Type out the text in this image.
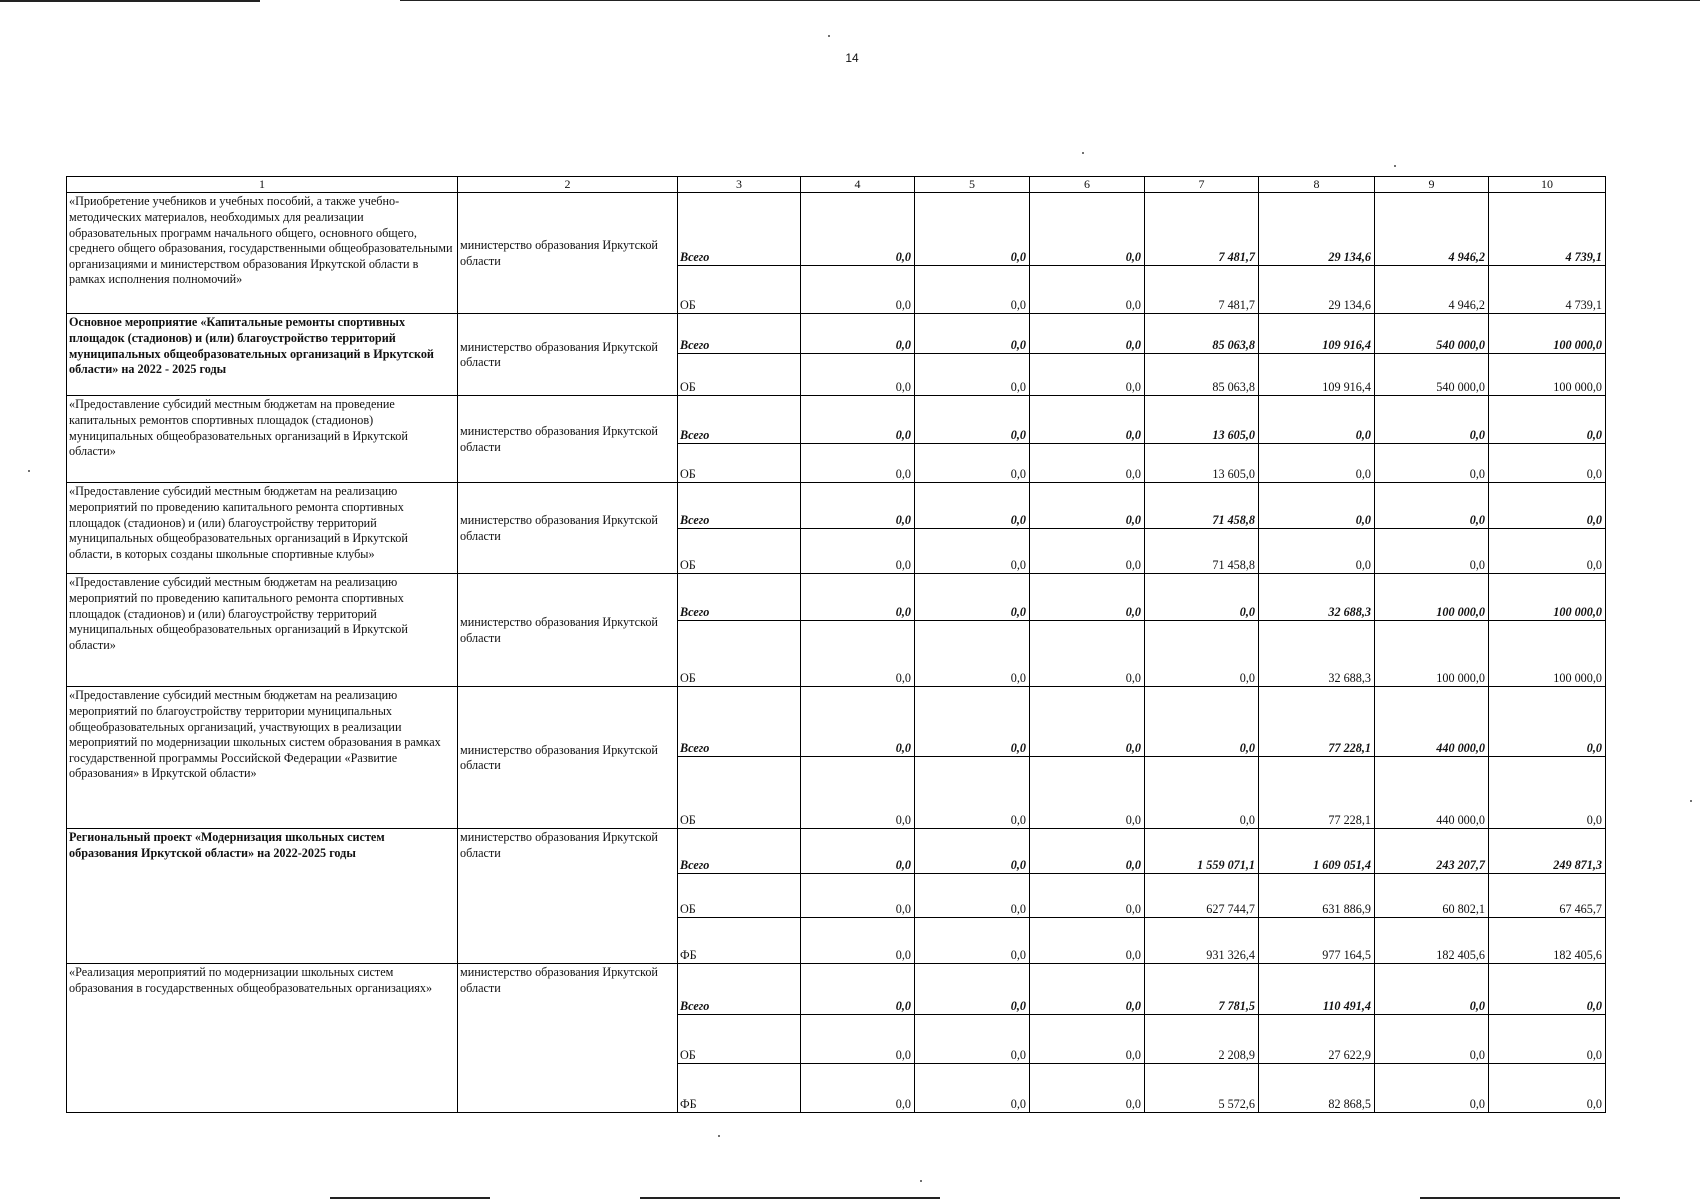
14
1	2	3	4	5	6	7	8	9	10
«Приобретение учебников и учебных пособий, а также учебно-методических материалов, необходимых для реализации образовательных программ начального общего, основного общего, среднего общего образования, государственными общеобразовательными организациями и министерством образования Иркутской области в рамках исполнения полномочий»	министерство образования Иркутской области	Всего	0,0	0,0	0,0	7 481,7	29 134,6	4 946,2	4 739,1
		ОБ	0,0	0,0	0,0	7 481,7	29 134,6	4 946,2	4 739,1
Основное мероприятие «Капитальные ремонты спортивных площадок (стадионов) и (или) благоустройство территорий муниципальных общеобразовательных организаций в Иркутской области» на 2022 - 2025 годы	министерство образования Иркутской области	Всего	0,0	0,0	0,0	85 063,8	109 916,4	540 000,0	100 000,0
		ОБ	0,0	0,0	0,0	85 063,8	109 916,4	540 000,0	100 000,0
«Предоставление субсидий местным бюджетам на проведение капитальных ремонтов спортивных площадок (стадионов) муниципальных общеобразовательных организаций в Иркутской области»	министерство образования Иркутской области	Всего	0,0	0,0	0,0	13 605,0	0,0	0,0	0,0
		ОБ	0,0	0,0	0,0	13 605,0	0,0	0,0	0,0
«Предоставление субсидий местным бюджетам на реализацию мероприятий по проведению капитального ремонта спортивных площадок (стадионов) и (или) благоустройству территорий муниципальных общеобразовательных организаций в Иркутской области, в которых созданы школьные спортивные клубы»	министерство образования Иркутской области	Всего	0,0	0,0	0,0	71 458,8	0,0	0,0	0,0
		ОБ	0,0	0,0	0,0	71 458,8	0,0	0,0	0,0
«Предоставление субсидий местным бюджетам на реализацию мероприятий по проведению капитального ремонта спортивных площадок (стадионов) и (или) благоустройству территорий муниципальных общеобразовательных организаций в Иркутской области»	министерство образования Иркутской области	Всего	0,0	0,0	0,0	0,0	32 688,3	100 000,0	100 000,0
		ОБ	0,0	0,0	0,0	0,0	32 688,3	100 000,0	100 000,0
«Предоставление субсидий местным бюджетам на реализацию мероприятий по благоустройству территории муниципальных общеобразовательных организаций, участвующих в реализации мероприятий по модернизации школьных систем образования в рамках государственной программы Российской Федерации «Развитие образования» в Иркутской области»	министерство образования Иркутской области	Всего	0,0	0,0	0,0	0,0	77 228,1	440 000,0	0,0
		ОБ	0,0	0,0	0,0	0,0	77 228,1	440 000,0	0,0
Региональный проект «Модернизация школьных систем образования Иркутской области» на 2022-2025 годы	министерство образования Иркутской области	Всего	0,0	0,0	0,0	1 559 071,1	1 609 051,4	243 207,7	249 871,3
		ОБ	0,0	0,0	0,0	627 744,7	631 886,9	60 802,1	67 465,7
		ФБ	0,0	0,0	0,0	931 326,4	977 164,5	182 405,6	182 405,6
«Реализация мероприятий по модернизации школьных систем образования в государственных общеобразовательных организациях»	министерство образования Иркутской области	Всего	0,0	0,0	0,0	7 781,5	110 491,4	0,0	0,0
		ОБ	0,0	0,0	0,0	2 208,9	27 622,9	0,0	0,0
		ФБ	0,0	0,0	0,0	5 572,6	82 868,5	0,0	0,0
